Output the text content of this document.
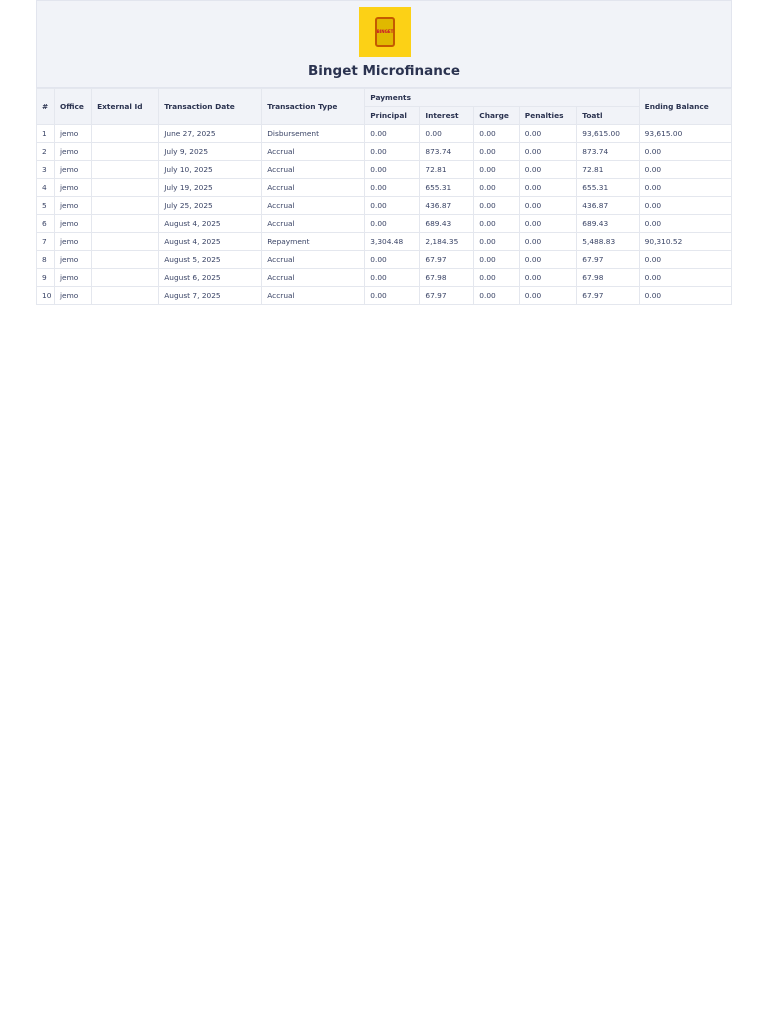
BINGET
Binget Microfinance
#	Office	External Id	Transaction Date	Transaction Type	Payments					Ending Balance
					Principal	Interest	Charge	Penalties	Toatl	
1	jemo		June 27, 2025	Disbursement	0.00	0.00	0.00	0.00	93,615.00	93,615.00
2	jemo		July 9, 2025	Accrual	0.00	873.74	0.00	0.00	873.74	0.00
3	jemo		July 10, 2025	Accrual	0.00	72.81	0.00	0.00	72.81	0.00
4	jemo		July 19, 2025	Accrual	0.00	655.31	0.00	0.00	655.31	0.00
5	jemo		July 25, 2025	Accrual	0.00	436.87	0.00	0.00	436.87	0.00
6	jemo		August 4, 2025	Accrual	0.00	689.43	0.00	0.00	689.43	0.00
7	jemo		August 4, 2025	Repayment	3,304.48	2,184.35	0.00	0.00	5,488.83	90,310.52
8	jemo		August 5, 2025	Accrual	0.00	67.97	0.00	0.00	67.97	0.00
9	jemo		August 6, 2025	Accrual	0.00	67.98	0.00	0.00	67.98	0.00
10	jemo		August 7, 2025	Accrual	0.00	67.97	0.00	0.00	67.97	0.00
